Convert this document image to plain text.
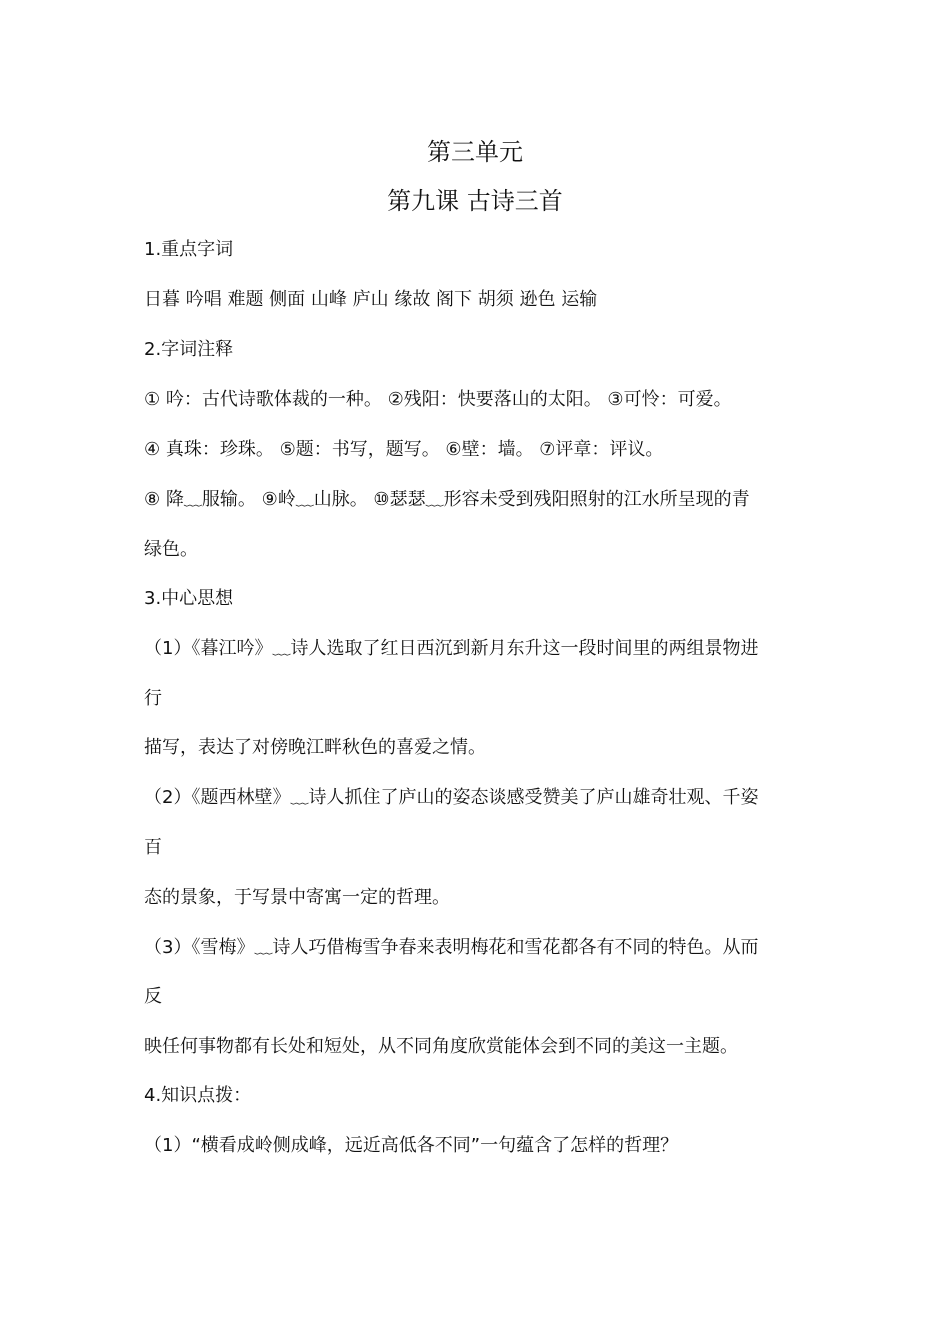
第三单元
第九课 古诗三首
1.重点字词
日暮 吟唱 难题 侧面 山峰 庐山 缘故 阁下 胡须 逊色 运输
2.字词注释
① 吟：古代诗歌体裁的一种。 ②残阳：快要落山的太阳。 ③可怜：可爱。
④ 真珠：珍珠。 ⑤题：书写，题写。 ⑥壁：墙。 ⑦评章：评议。
⑧ 降﹏服输。 ⑨岭﹏山脉。 ⑩瑟瑟﹏形容未受到残阳照射的江水所呈现的青
绿色。
3.中心思想
（1）《暮江吟》﹏诗人选取了红日西沉到新月东升这一段时间里的两组景物进
行
描写，表达了对傍晚江畔秋色的喜爱之情。
（2）《题西林壁》﹏诗人抓住了庐山的姿态谈感受赞美了庐山雄奇壮观、千姿
百
态的景象，于写景中寄寓一定的哲理。
（3）《雪梅》﹏诗人巧借梅雪争春来表明梅花和雪花都各有不同的特色。从而
反
映任何事物都有长处和短处，从不同角度欣赏能体会到不同的美这一主题。
4.知识点拨：
（1）“横看成岭侧成峰，远近高低各不同”一句蕴含了怎样的哲理？
